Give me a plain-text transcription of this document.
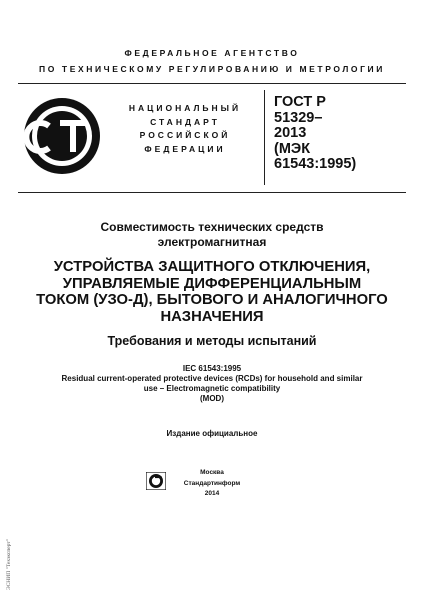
ФЕДЕРАЛЬНОЕ АГЕНТСТВО
ПО ТЕХНИЧЕСКОМУ РЕГУЛИРОВАНИЮ И МЕТРОЛОГИИ
НАЦИОНАЛЬНЫЙ
СТАНДАРТ
РОССИЙСКОЙ
ФЕДЕРАЦИИ
ГОСТ Р
51329–
2013
(МЭК
61543:1995)
Совместимость технических средств
электромагнитная
УСТРОЙСТВА ЗАЩИТНОГО ОТКЛЮЧЕНИЯ,
УПРАВЛЯЕМЫЕ ДИФФЕРЕНЦИАЛЬНЫМ
ТОКОМ (УЗО-Д), БЫТОВОГО И АНАЛОГИЧНОГО
НАЗНАЧЕНИЯ
Требования и методы испытаний
IEC 61543:1995
Residual current-operated protective devices (RCDs) for household and similar
use – Electromagnetic compatibility
(MOD)
Издание официальное
Москва
Стандартинформ
2014
ЭСНИП "Техэксперт"
